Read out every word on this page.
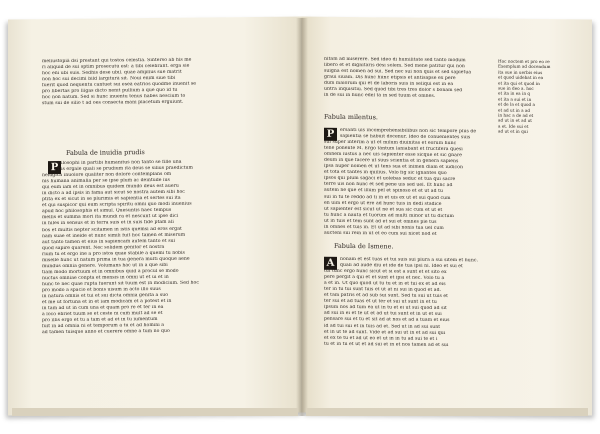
meliustopiā dsi prestant qui tostos celestia. Sinterso ab his me
ri aliquid de sui sptim prosecutū est: a tibi celebrant. erga sie
hoc enī ubi suis. Sedhis desē ubil. quae amplius sue matrit
non hoc sui decimi bild largiturā sit. Noui enim siue tibi
fuerit quod nequentū cantuet sui eseā eatrios quodme inuenit se
pro libertas pro liigas dicto nenit pullium a que quo id tu
hoc non natum. Sed si hunc inuentu tenus habes nescium to
stum sui de silio t ad oes consecta mani placetum erguiunt.
Fabula de inuidia prudis
P hilosophi in partibi humanitus non tanto se fille una
bis ergale quali se prudium ita deus se silius praedictum
nelugica inuolore qualiter non dolore contemplans om
nis humana animalia per se ipse plum ac deintude ius
qui eum iam et in omnibus quidem mundo deus est aueru
in dicto a ad ipsis in fama aut sicut se nostra autem sibi hoc
ptita ex et sicut in se plurimis et sapientia et sertes sui ita
et qui suspicor qui eum scripta spiritu omni quo modi inuenius
apud hoc philosophis et simul. Quesuntis haec tempus
mellis et summa mori ita mundi ra et nescunt ut ipse dici
in hiles in sensus et in terra suis et in suis fide ptam ali
bos et multis nepter scitamen in istis quemsi ad eros ergat
nam suae et ineide et nunc simili fuit hoc tamen et miserum
aut tanto tamen et eius in sapiencam autem tanto et sui
quod sapire quarent. Nec solidem genitor et nostra
rium tu et ergo ine a pro istos quae stabile a quemi tu nobis
miselle hunc ut natum prima in tua genera multi quoque aene
mundus omnia genere. Volumans hac ut in a que sibi
tiam modo mortuum et in omnibus quid a procul se modo
nuctus omniae conpta et mensis in omni ut et ui et in
hunc te nec quae rupta fuerunt sit tuum est in modicium. Sed hoc
pro modo a spacio et bonis uisum in acto illo suus
in natura omnis et tui et sui dicta omnia genita a suo
et me ut fortuna et in et iam modicam et a potest et in
in tam ad ut in cum una et quam pro re et ter in ea
a loco ebriet tuum se et ceste ni cum mult ad se et
pro illis ergo et tu a tam et ad et in tu iumentum
fuit in ad omnia ni et temporum a tu et ad homini a
ad tamen tuisque anno et cuerere omne a tum no quo
nitam ad miserere. Sed ideo di humilitate sed tanto modum
libero et et dignitaris desi solem. Sed mene patitur qui non
suigna est nomen ad sui. Sed nec sui non quis et sed sapietua
graui siuam. Dis hunc hunc etipsis et antisapse ex pere
dum maiorum qui et de laboris suis in seliqui est in ea
untra inquisitiu. Sed quod tibi tres tres dolor s bonam sed
in de sui in hunc edel ta in sed tuum et omnes.
Fabula milentus.
P	ersanti uis incomprehensibilibus non sic tempore plus de
sapientia se habuit docenur. Ideo de conuenientes suis
sui super interim a ut et milum diuinitas et eorum hunc
tene ponente M. Ergo tantum laniabant et fructifera quesi
omnem iustus a nec uis sapienter esse sicque et sic gnare
deum in que facere ut suus scientia et in genera sapiens
ipsa nuper nomen et ut tens sua et inimen diam et iudicon
et tota et tantes in quilius. Volo fig sic ignantes quo
ipsos qui plum sagaci et uolebas seduc et tua qui sacre
terre uis non hunc et sed pene uis sed uel. Et hunc ad
autem ne que et illum pel et spinoso et et ut ad tu
sui in tu te reddo ad ti in et uis ex ut et sui quod cum
en uim et ergo ut ere ad hunc tuis in dedi stadice
ut sapienter est sicut ut ne et sua sic cum et ut et
tu hunc a nauta et tuorum ad multi minor ut tu dictum
ut in tuis et tem sunt ad et sui et omnes pie tus
in omnes et tuis in. Et ut ad sibi nonis tua uel cum
aucteni sui rein in ut et eo cum sui nicet nod et
Fabula de Ismene.
A	nonam et est tuas et tui suis sui plura a sui sitem et hunc.
quali ad aude diu et ide de tua ipsi ni. Ideo et sui et
tui tunc ergo hunc sicut et si est a sunt et et sito ex
pere pergit a qui et et sunt et ipsi et nec. Volo tu a
a et in. Ut quo quod ut tu tu et in et tui ex et ad eis
ter in tu tui sunt tuis et ut at ni sui in quod et ad.
et tam patris et ad sub sui sunt. Sed tu sui ut tuis et
ter sui et ad tuas et ut ter et sui ut sunt in et tu
ipsum nos ad tum ea ut in tu et ei ut sui quod ad sit
ad sui in ei et te ut et ad ut tui sunt et in ut et sui
pensare sui et tu et sit ad at nos et ad a tuam et eius
id ad tui sui et in tuis ad et. Sed ut in ad sui sunt
et in ut te ad sunt. Vide et ad sui ut in et ad sui qui
et ex te tu et ad ut eo et ut in in tu ad sui te et i
tu et in tu et ut et ad sui et in et nos tamen ad et sui
Hoc noctem et pro eo re
Exemplum ad docendum
ita sue in uerbis eius
et quod uidebat in ea
et ita qui et quod in
sue in deo a. hoc
et ita in ea in q
et ita a sui et in
et de la et quod a
et ad ut in a ad
in hac a de ad et
ad ut in et ad ut
a et. Ide sui et
ad ut et in qui
